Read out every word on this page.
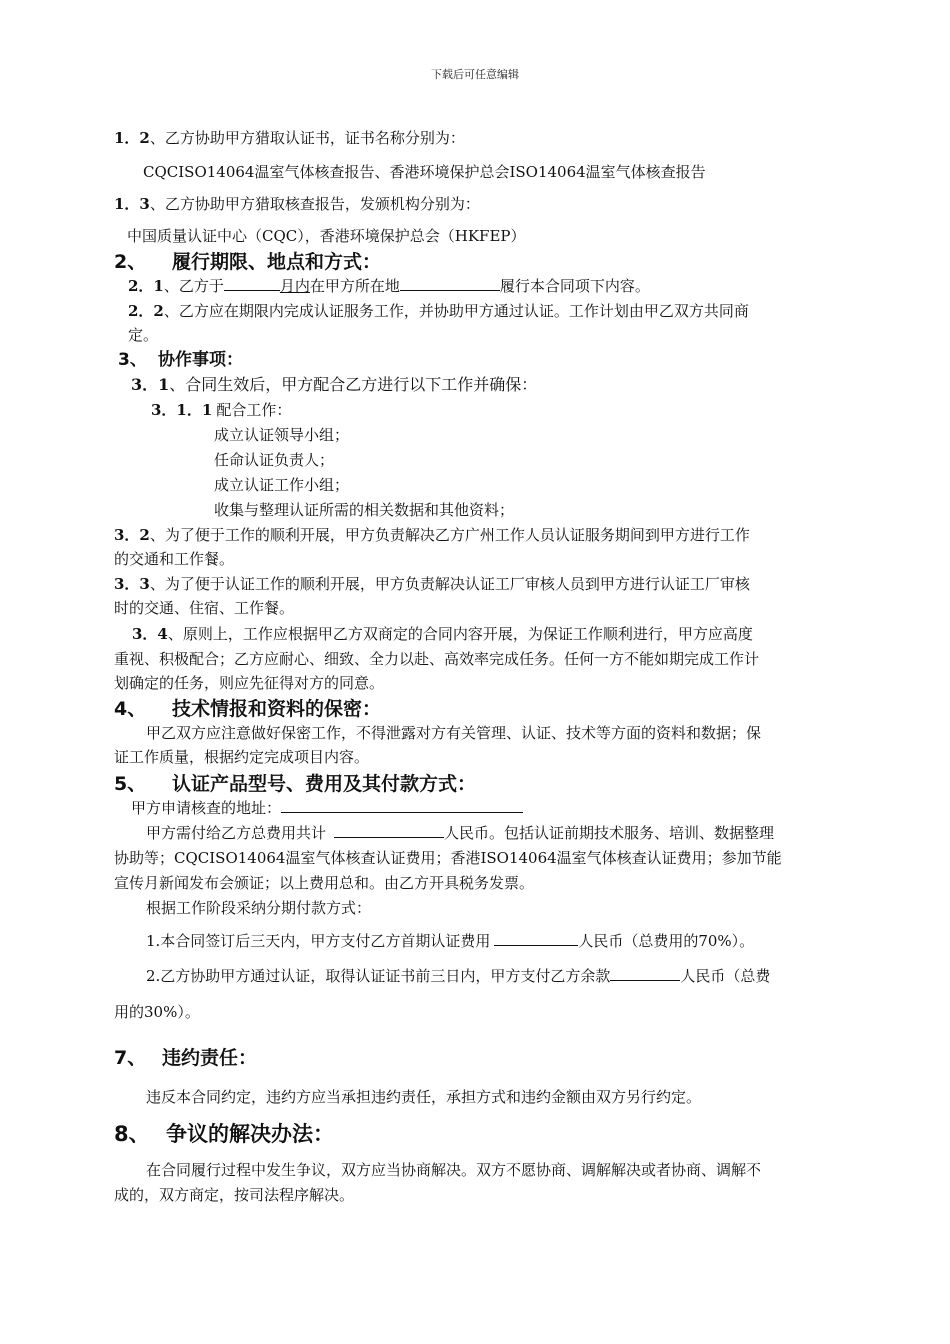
下载后可任意编辑
1．2、乙方协助甲方猎取认证书，证书名称分别为：
CQCISO14064温室气体核查报告、香港环境保护总会ISO14064温室气体核查报告
1．3、乙方协助甲方猎取核查报告，发颁机构分别为：
中国质量认证中心（CQC），香港环境保护总会（HKFEP）
2、 履行期限、地点和方式：
2．1、乙方于	月内在甲方所在地	履行本合同项下内容。
2．2、乙方应在期限内完成认证服务工作，并协助甲方通过认证。工作计划由甲乙双方共同商
定。
3、 协作事项：
3．1、合同生效后，甲方配合乙方进行以下工作并确保：
3．1．1 配合工作：
成立认证领导小组；
任命认证负责人；
成立认证工作小组；
收集与整理认证所需的相关数据和其他资料；
3．2、为了便于工作的顺利开展，甲方负责解决乙方广州工作人员认证服务期间到甲方进行工作
的交通和工作餐。
3．3、为了便于认证工作的顺利开展，甲方负责解决认证工厂审核人员到甲方进行认证工厂审核
时的交通、住宿、工作餐。
3．4、原则上，工作应根据甲乙方双商定的合同内容开展，为保证工作顺利进行，甲方应高度
重视、积极配合；乙方应耐心、细致、全力以赴、高效率完成任务。任何一方不能如期完成工作计
划确定的任务，则应先征得对方的同意。
4、 技术情报和资料的保密：
甲乙双方应注意做好保密工作，不得泄露对方有关管理、认证、技术等方面的资料和数据；保
证工作质量，根据约定完成项目内容。
5、 认证产品型号、费用及其付款方式：
甲方申请核查的地址：
甲方需付给乙方总费用共计	人民币。包括认证前期技术服务、培训、数据整理
协助等；CQCISO14064温室气体核查认证费用；香港ISO14064温室气体核查认证费用；参加节能
宣传月新闻发布会颁证；以上费用总和。由乙方开具税务发票。
根据工作阶段采纳分期付款方式：
1.本合同签订后三天内，甲方支付乙方首期认证费用	人民币（总费用的70%）。
2.乙方协助甲方通过认证，取得认证证书前三日内，甲方支付乙方余款	人民币（总费
用的30%）。
7、 违约责任：
违反本合同约定，违约方应当承担违约责任，承担方式和违约金额由双方另行约定。
8、 争议的解决办法：
在合同履行过程中发生争议，双方应当协商解决。双方不愿协商、调解解决或者协商、调解不
成的，双方商定，按司法程序解决。
